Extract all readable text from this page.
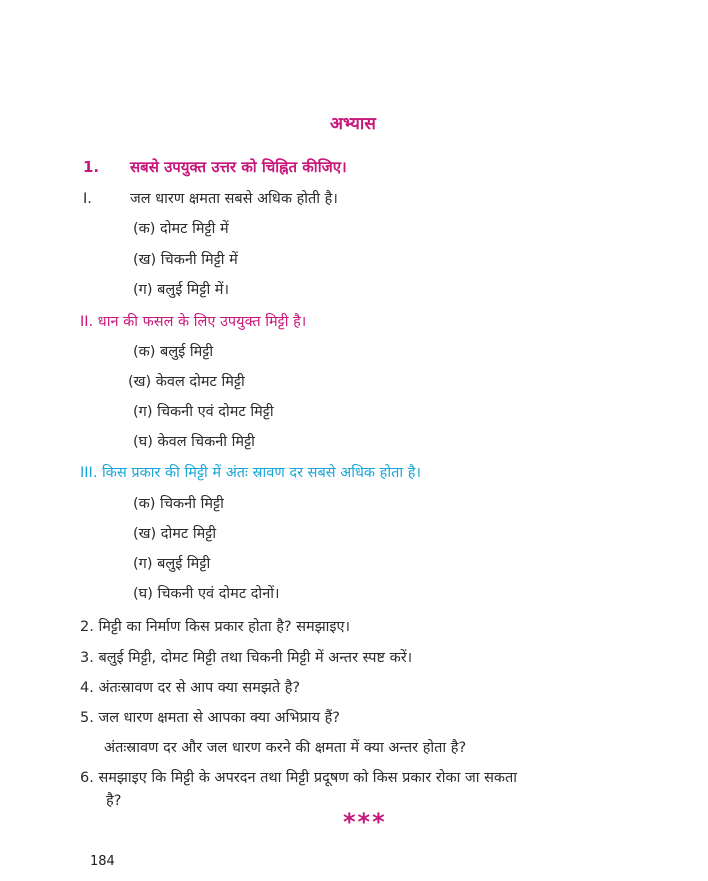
अभ्यास
1. सबसे उपयुक्त उत्तर को चिह्नित कीजिए।
I.	जल धारण क्षमता सबसे अधिक होती है।
(क) दोमट मिट्टी में
(ख) चिकनी मिट्टी में
(ग) बलुई मिट्टी में।
II. धान की फसल के लिए उपयुक्त मिट्टी है।
(क) बलुई मिट्टी
(ख) केवल दोमट मिट्टी
(ग) चिकनी एवं दोमट मिट्टी
(घ) केवल चिकनी मिट्टी
III. किस प्रकार की मिट्टी में अंतः स्रावण दर सबसे अधिक होता है।
(क) चिकनी मिट्टी
(ख) दोमट मिट्टी
(ग) बलुई मिट्टी
(घ) चिकनी एवं दोमट दोनों।
2. मिट्टी का निर्माण किस प्रकार होता है? समझाइए।
3. बलुई मिट्टी, दोमट मिट्टी तथा चिकनी मिट्टी में अन्तर स्पष्ट करें।
4. अंतःस्रावण दर से आप क्या समझते है?
5. जल धारण क्षमता से आपका क्या अभिप्राय हैं?
अंतःस्रावण दर और जल धारण करने की क्षमता में क्या अन्तर होता है?
6. समझाइए कि मिट्टी के अपरदन तथा मिट्टी प्रदूषण को किस प्रकार रोका जा सकता
है?
***
184
